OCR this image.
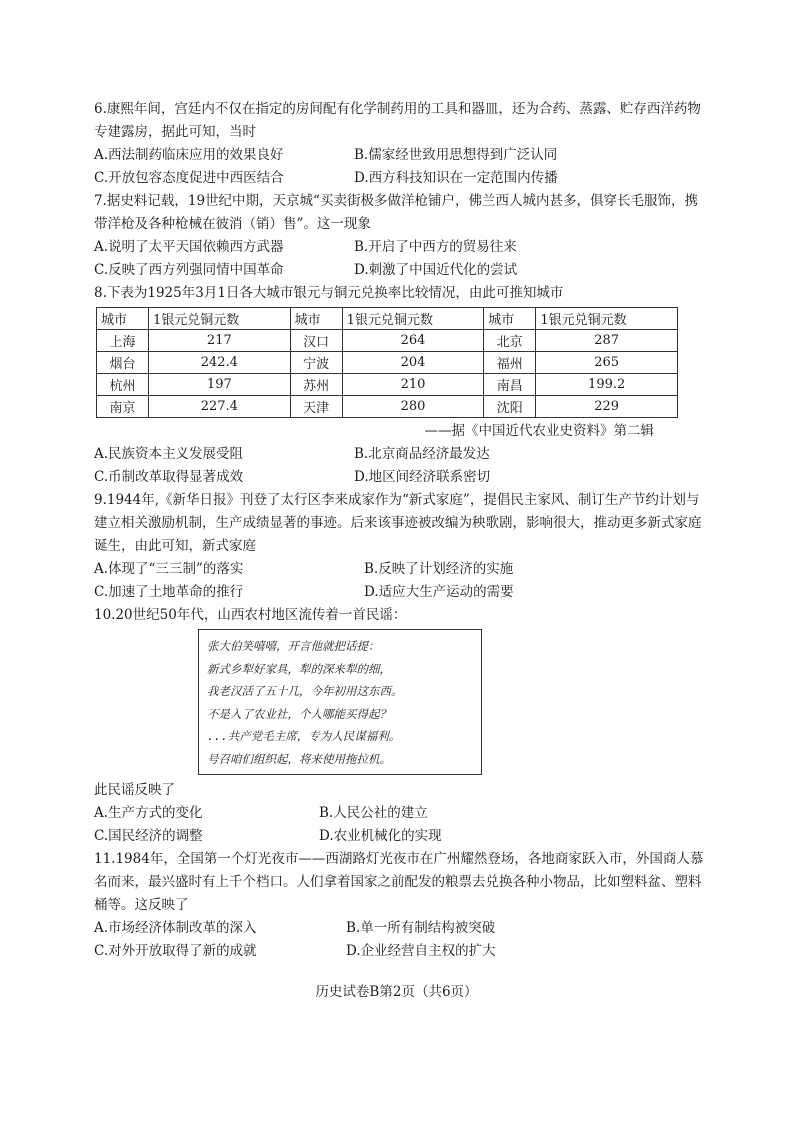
6.康熙年间，宫廷内不仅在指定的房间配有化学制药用的工具和器皿，还为合药、蒸露、贮存西洋药物专建露房，据此可知，当时

A.西法制药临床应用的效果良好	B.儒家经世致用思想得到广泛认同
C.开放包容态度促进中西医结合	D.西方科技知识在一定范围内传播

7.据史料记载，19世纪中期，天京城“买卖街极多做洋枪铺户，佛兰西人城内甚多，俱穿长毛服饰，携带洋枪及各种枪械在彼消（销）售”。这一现象

A.说明了太平天国依赖西方武器	B.开启了中西方的贸易往来
C.反映了西方列强同情中国革命	D.刺激了中国近代化的尝试

8.下表为1925年3月1日各大城市银元与铜元兑换率比较情况，由此可推知城市

城市	1银元兑铜元数	城市	1银元兑铜元数	城市	1银元兑铜元数
上海	217	汉口	264	北京	287
烟台	242.4	宁波	204	福州	265
杭州	197	苏州	210	南昌	199.2
南京	227.4	天津	280	沈阳	229

——据《中国近代农业史资料》第二辑

A.民族资本主义发展受阻	B.北京商品经济最发达
C.币制改革取得显著成效	D.地区间经济联系密切

9.1944年,《新华日报》刊登了太行区李来成家作为“新式家庭”，提倡民主家风、制订生产节约计划与建立相关激励机制，生产成绩显著的事迹。后来该事迹被改编为秧歌剧，影响很大，推动更多新式家庭诞生，由此可知，新式家庭

A.体现了“三三制”的落实	B.反映了计划经济的实施
C.加速了土地革命的推行	D.适应大生产运动的需要

10.20世纪50年代，山西农村地区流传着一首民谣：

张大伯笑嘻嘻，开言他就把话提：
新式乡犁好家具，犁的深来犁的细，
我老汉活了五十几，今年初用这东西。
不是入了农业社，个人哪能买得起？
...共产党毛主席，专为人民谋福利。
号召咱们组织起，将来使用拖拉机。

此民谣反映了

A.生产方式的变化	B.人民公社的建立
C.国民经济的调整	D.农业机械化的实现

11.1984年，全国第一个灯光夜市——西湖路灯光夜市在广州耀然登场，各地商家跃入市，外国商人慕名而来，最兴盛时有上千个档口。人们拿着国家之前配发的粮票去兑换各种小物品，比如塑料盆、塑料桶等。这反映了

A.市场经济体制改革的深入	B.单一所有制结构被突破
C.对外开放取得了新的成就	D.企业经营自主权的扩大
历史试卷B第2页（共6页）
